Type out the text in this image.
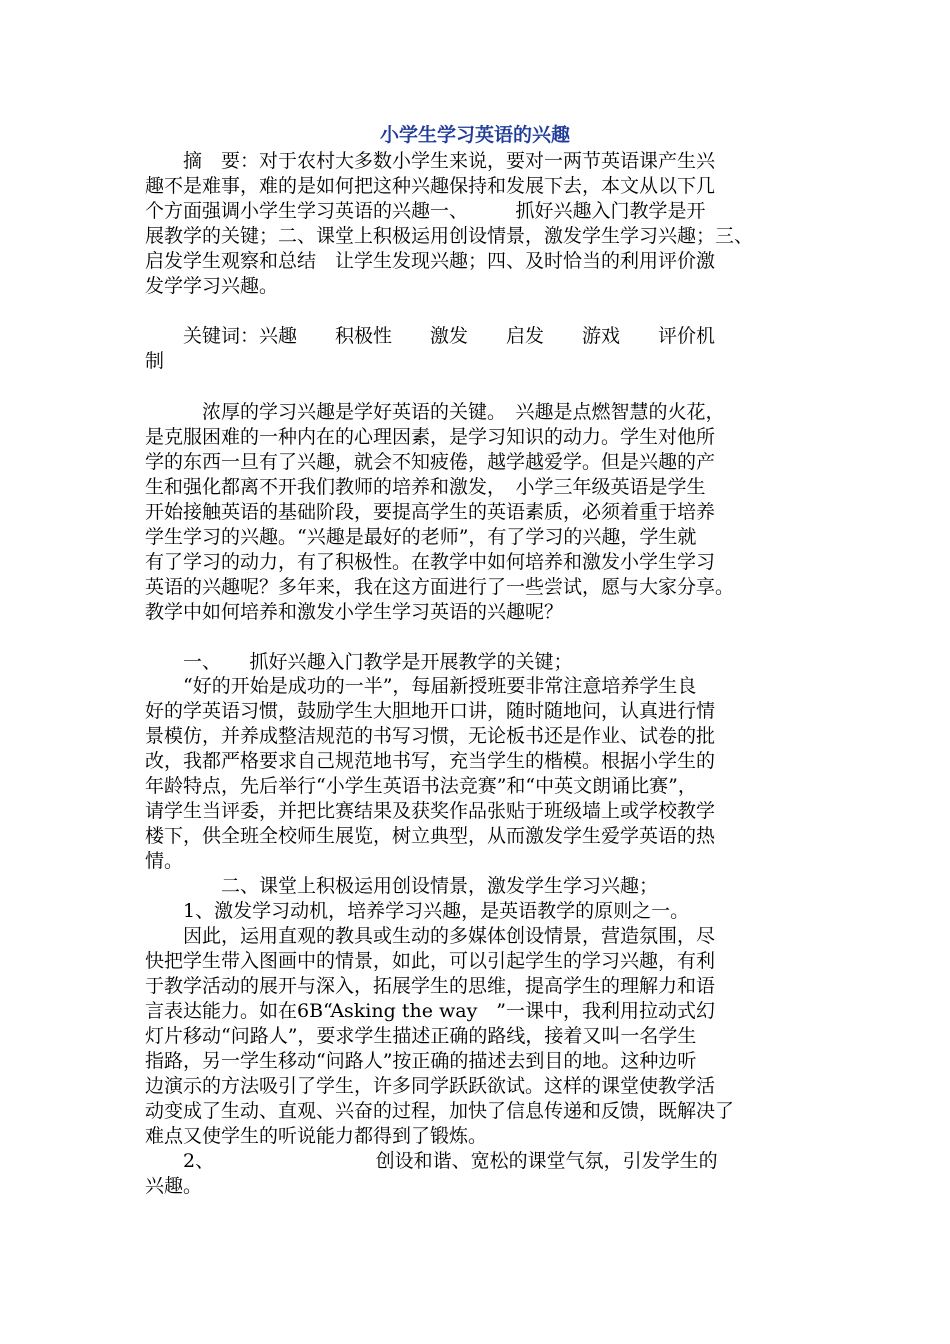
小学生学习英语的兴趣

　　摘　要：对于农村大多数小学生来说，要对一两节英语课产生兴

趣不是难事，难的是如何把这种兴趣保持和发展下去，本文从以下几

个方面强调小学生学习英语的兴趣一、　　　抓好兴趣入门教学是开

展教学的关键；二、课堂上积极运用创设情景，激发学生学习兴趣；三、

启发学生观察和总结　让学生发现兴趣；四、及时恰当的利用评价激

发学学习兴趣。

　　关键词：兴趣　　积极性　　激发　　启发　　游戏　　评价机

制

　　　浓厚的学习兴趣是学好英语的关键。　兴趣是点燃智慧的火花，

是克服困难的一种内在的心理因素，是学习知识的动力。学生对他所

学的东西一旦有了兴趣，就会不知疲倦，越学越爱学。但是兴趣的产

生和强化都离不开我们教师的培养和激发，　小学三年级英语是学生

开始接触英语的基础阶段，要提高学生的英语素质，必须着重于培养

学生学习的兴趣。“兴趣是最好的老师”，有了学习的兴趣，学生就

有了学习的动力，有了积极性。在教学中如何培养和激发小学生学习

英语的兴趣呢？多年来，我在这方面进行了一些尝试，愿与大家分享。

教学中如何培养和激发小学生学习英语的兴趣呢？

　　一、　　抓好兴趣入门教学是开展教学的关键；

　　“好的开始是成功的一半”，每届新授班要非常注意培养学生良

好的学英语习惯，鼓励学生大胆地开口讲，随时随地问，认真进行情

景模仿，并养成整洁规范的书写习惯，无论板书还是作业、试卷的批

改，我都严格要求自己规范地书写，充当学生的楷模。根据小学生的

年龄特点，先后举行“小学生英语书法竞赛”和“中英文朗诵比赛”，

请学生当评委，并把比赛结果及获奖作品张贴于班级墙上或学校教学

楼下，供全班全校师生展览，树立典型，从而激发学生爱学英语的热

情。

　　　　二、课堂上积极运用创设情景，激发学生学习兴趣；

　　1、激发学习动机，培养学习兴趣，是英语教学的原则之一。

　　因此，运用直观的教具或生动的多媒体创设情景，营造氛围，尽

快把学生带入图画中的情景，如此，可以引起学生的学习兴趣，有利

于教学活动的展开与深入，拓展学生的思维，提高学生的理解力和语

言表达能力。如在6B“Asking the way　”一课中，我利用拉动式幻

灯片移动“问路人”，要求学生描述正确的路线，接着又叫一名学生

指路，另一学生移动“问路人”按正确的描述去到目的地。这种边听

边演示的方法吸引了学生，许多同学跃跃欲试。这样的课堂使教学活

动变成了生动、直观、兴奋的过程，加快了信息传递和反馈，既解决了

难点又使学生的听说能力都得到了锻炼。

　　2、　　　　　　　　　创设和谐、宽松的课堂气氛，引发学生的

兴趣。
